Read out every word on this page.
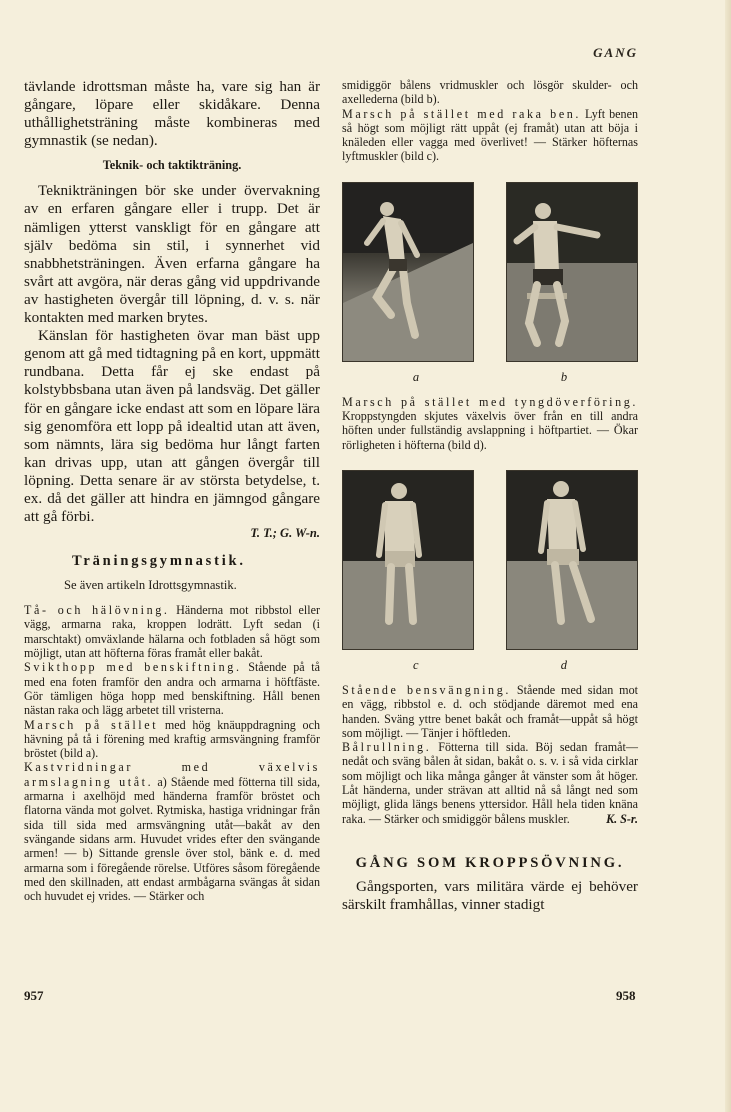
GANG

tävlande idrottsman måste ha, vare sig han är gångare, löpare eller skidåkare. Denna uthållighetsträning måste kombineras med gymnastik (se nedan).

Teknik- och taktikträning.

Teknikträningen bör ske under övervakning av en erfaren gångare eller i trupp. Det är nämligen ytterst vanskligt för en gångare att själv bedöma sin stil, i synnerhet vid snabbhetsträningen. Även erfarna gångare ha svårt att avgöra, när deras gång vid uppdrivande av hastigheten övergår till löpning, d. v. s. när kontakten med marken brytes.

Känslan för hastigheten övar man bäst upp genom att gå med tidtagning på en kort, uppmätt rundbana. Detta får ej ske endast på kolstybbsbana utan även på landsväg. Det gäller för en gångare icke endast att som en löpare lära sig genomföra ett lopp på idealtid utan att även, som nämnts, lära sig bedöma hur långt farten kan drivas upp, utan att gången övergår till löpning. Detta senare är av största betydelse, t. ex. då det gäller att hindra en jämngod gångare att gå förbi.

T. T.; G. W-n.
Träningsgymnastik.
Se även artikeln Idrottsgymnastik.

Tå- och hälövning. Händerna mot ribbstol eller vägg, armarna raka, kroppen lodrätt. Lyft sedan (i marschtakt) omväxlande hälarna och fotbladen så högt som möjligt, utan att höfterna föras framåt eller bakåt.

Svikthopp med benskiftning. Stående på tå med ena foten framför den andra och armarna i höftfäste. Gör tämligen höga hopp med benskiftning. Håll benen nästan raka och lägg arbetet till vristerna.

Marsch på stället med hög knäuppdragning och hävning på tå i förening med kraftig armsvängning framför bröstet (bild a).

Kastvridningar med växelvis armslagning utåt. a) Stående med fötterna till sida, armarna i axelhöjd med händerna framför bröstet och flatorna vända mot golvet. Rytmiska, hastiga vridningar från sida till sida med armsvängning utåt—bakåt av den svängande sidans arm. Huvudet vrides efter den svängande armen! — b) Sittande grensle över stol, bänk e. d. med armarna som i föregående rörelse. Utföres såsom föregående med den skillnaden, att endast armbågarna svängas åt sidan och huvudet ej vrides. — Stärker och

smidiggör bålens vridmuskler och lösgör skulder- och axellederna (bild b).

Marsch på stället med raka ben. Lyft benen så högt som möjligt rätt uppåt (ej framåt) utan att böja i knäleden eller vagga med överlivet! — Stärker höfternas lyftmuskler (bild c).

a	b

Marsch på stället med tyngdöverföring. Kroppstyngden skjutes växelvis över från en till andra höften under fullständig avslappning i höftpartiet. — Ökar rörligheten i höfterna (bild d).

c	d

Stående bensvängning. Stående med sidan mot en vägg, ribbstol e. d. och stödjande däremot med ena handen. Sväng yttre benet bakåt och framåt—uppåt så högt som möjligt. — Tänjer i höftleden.

Bålrullning. Fötterna till sida. Böj sedan framåt—nedåt och sväng bålen åt sidan, bakåt o. s. v. i så vida cirklar som möjligt och lika många gånger åt vänster som åt höger. Låt händerna, under strävan att alltid nå så långt ned som möjligt, glida längs benens yttersidor. Håll hela tiden knäna raka. — Stärker och smidiggör bålens muskler.	K. S-r.

GÅNG SOM KROPPSÖVNING.

Gångsporten, vars militära värde ej behöver särskilt framhållas, vinner stadigt

957	958
